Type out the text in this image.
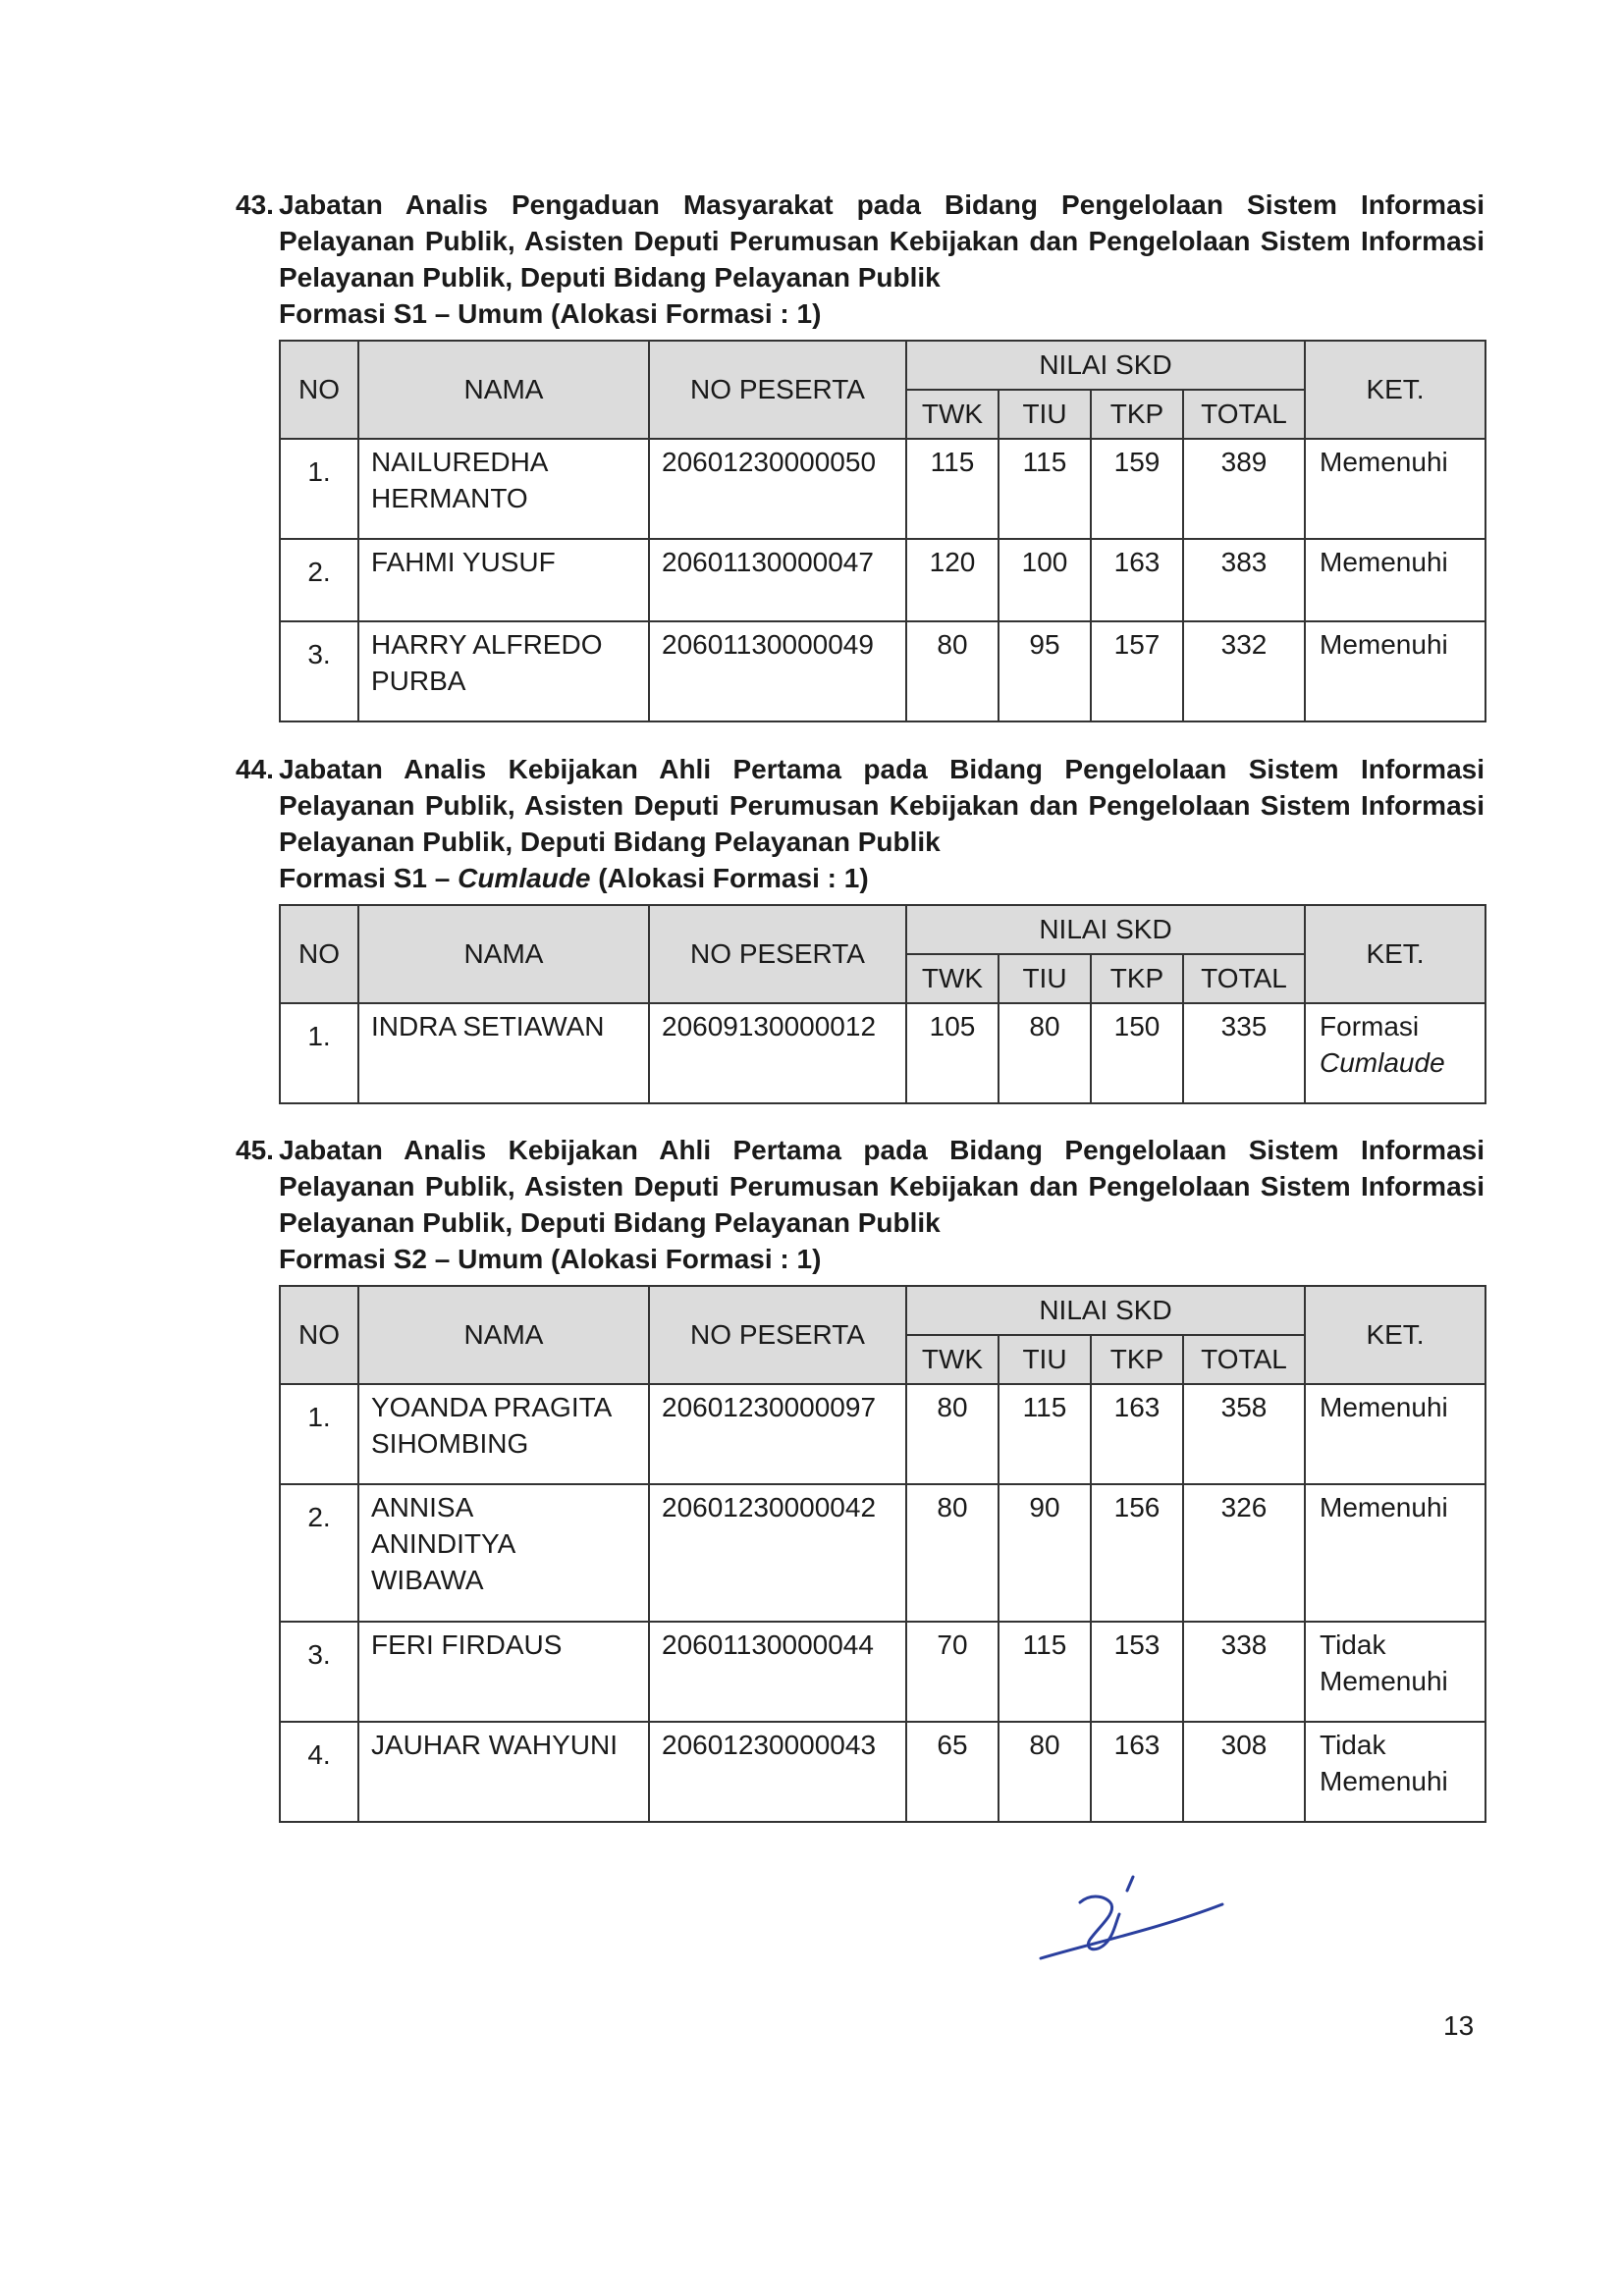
43. Jabatan Analis Pengaduan Masyarakat pada Bidang Pengelolaan Sistem Informasi Pelayanan Publik, Asisten Deputi Perumusan Kebijakan dan Pengelolaan Sistem Informasi Pelayanan Publik, Deputi Bidang Pelayanan Publik
Formasi S1 – Umum (Alokasi Formasi : 1)
NO	NAMA	NO PESERTA	NILAI SKD				KET.
			TWK	TIU	TKP	TOTAL	
1.	NAILUREDHA HERMANTO	20601230000050	115	115	159	389	Memenuhi
2.	FAHMI YUSUF	20601130000047	120	100	163	383	Memenuhi
3.	HARRY ALFREDO PURBA	20601130000049	80	95	157	332	Memenuhi
44. Jabatan Analis Kebijakan Ahli Pertama pada Bidang Pengelolaan Sistem Informasi Pelayanan Publik, Asisten Deputi Perumusan Kebijakan dan Pengelolaan Sistem Informasi Pelayanan Publik, Deputi Bidang Pelayanan Publik
Formasi S1 – Cumlaude (Alokasi Formasi : 1)
NO	NAMA	NO PESERTA	NILAI SKD				KET.
			TWK	TIU	TKP	TOTAL	
1.	INDRA SETIAWAN	20609130000012	105	80	150	335	Formasi
Cumlaude
45. Jabatan Analis Kebijakan Ahli Pertama pada Bidang Pengelolaan Sistem Informasi Pelayanan Publik, Asisten Deputi Perumusan Kebijakan dan Pengelolaan Sistem Informasi Pelayanan Publik, Deputi Bidang Pelayanan Publik
Formasi S2 – Umum (Alokasi Formasi : 1)
NO	NAMA	NO PESERTA	NILAI SKD				KET.
			TWK	TIU	TKP	TOTAL	
1.	YOANDA PRAGITA SIHOMBING	20601230000097	80	115	163	358	Memenuhi
2.	ANNISA ANINDITYA WIBAWA	20601230000042	80	90	156	326	Memenuhi
3.	FERI FIRDAUS	20601130000044	70	115	153	338	Tidak Memenuhi
4.	JAUHAR WAHYUNI	20601230000043	65	80	163	308	Tidak Memenuhi
13
